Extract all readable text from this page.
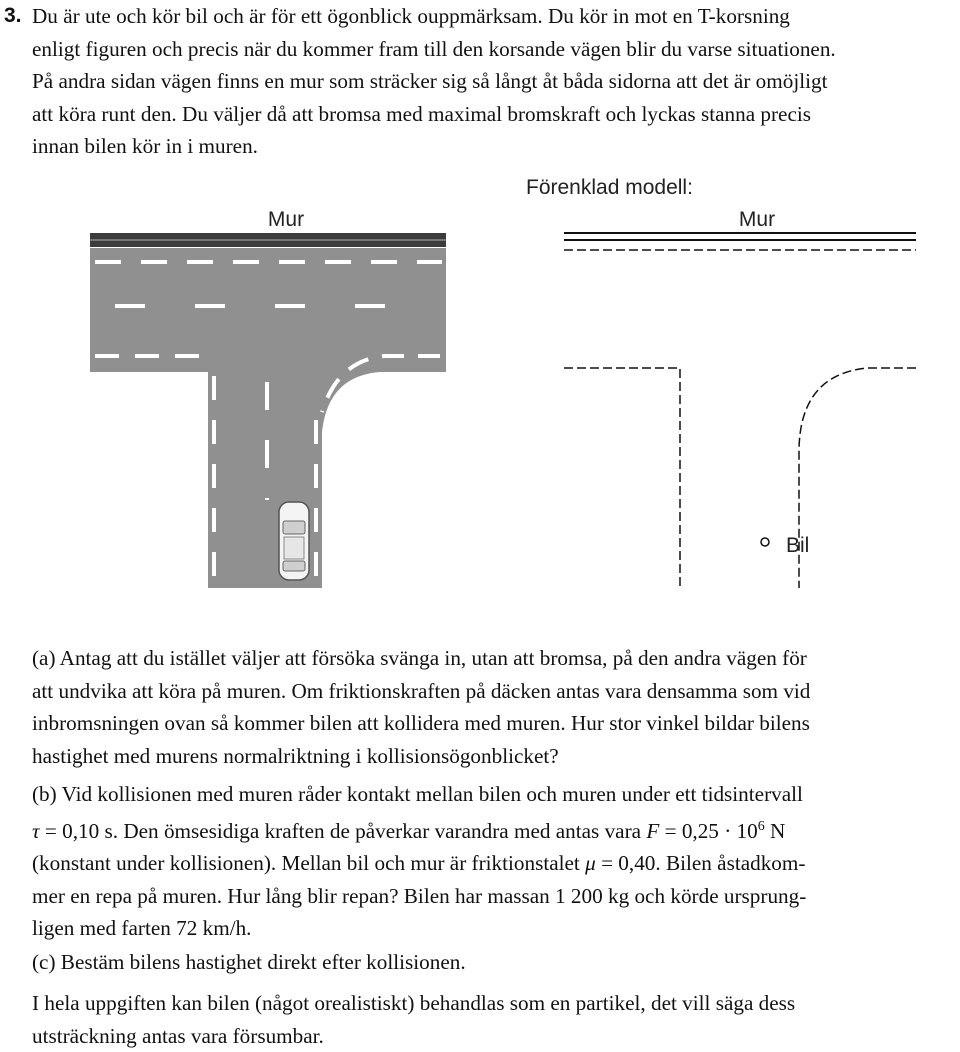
3. Du är ute och kör bil och är för ett ögonblick ouppmärksam. Du kör in mot en T-korsning
enligt figuren och precis när du kommer fram till den korsande vägen blir du varse situationen.
På andra sidan vägen finns en mur som sträcker sig så långt åt båda sidorna att det är omöjligt
att köra runt den. Du väljer då att bromsa med maximal bromskraft och lyckas stanna precis
innan bilen kör in i muren.
Mur
Förenklad modell:
Mur
Bil
(a) Antag att du istället väljer att försöka svänga in, utan att bromsa, på den andra vägen för
att undvika att köra på muren. Om friktionskraften på däcken antas vara densamma som vid
inbromsningen ovan så kommer bilen att kollidera med muren. Hur stor vinkel bildar bilens
hastighet med murens normalriktning i kollisionsögonblicket?
(b) Vid kollisionen med muren råder kontakt mellan bilen och muren under ett tidsintervall
τ = 0,10 s. Den ömsesidiga kraften de påverkar varandra med antas vara $F = 0,25 \cdot 10^6$ N
(konstant under kollisionen). Mellan bil och mur är friktionstalet μ = 0,40. Bilen åstadkom-
mer en repa på muren. Hur lång blir repan? Bilen har massan 1 200 kg och körde ursprung-
ligen med farten 72 km/h.
(c) Bestäm bilens hastighet direkt efter kollisionen.
I hela uppgiften kan bilen (något orealistiskt) behandlas som en partikel, det vill säga dess
utsträckning antas vara försumbar.
